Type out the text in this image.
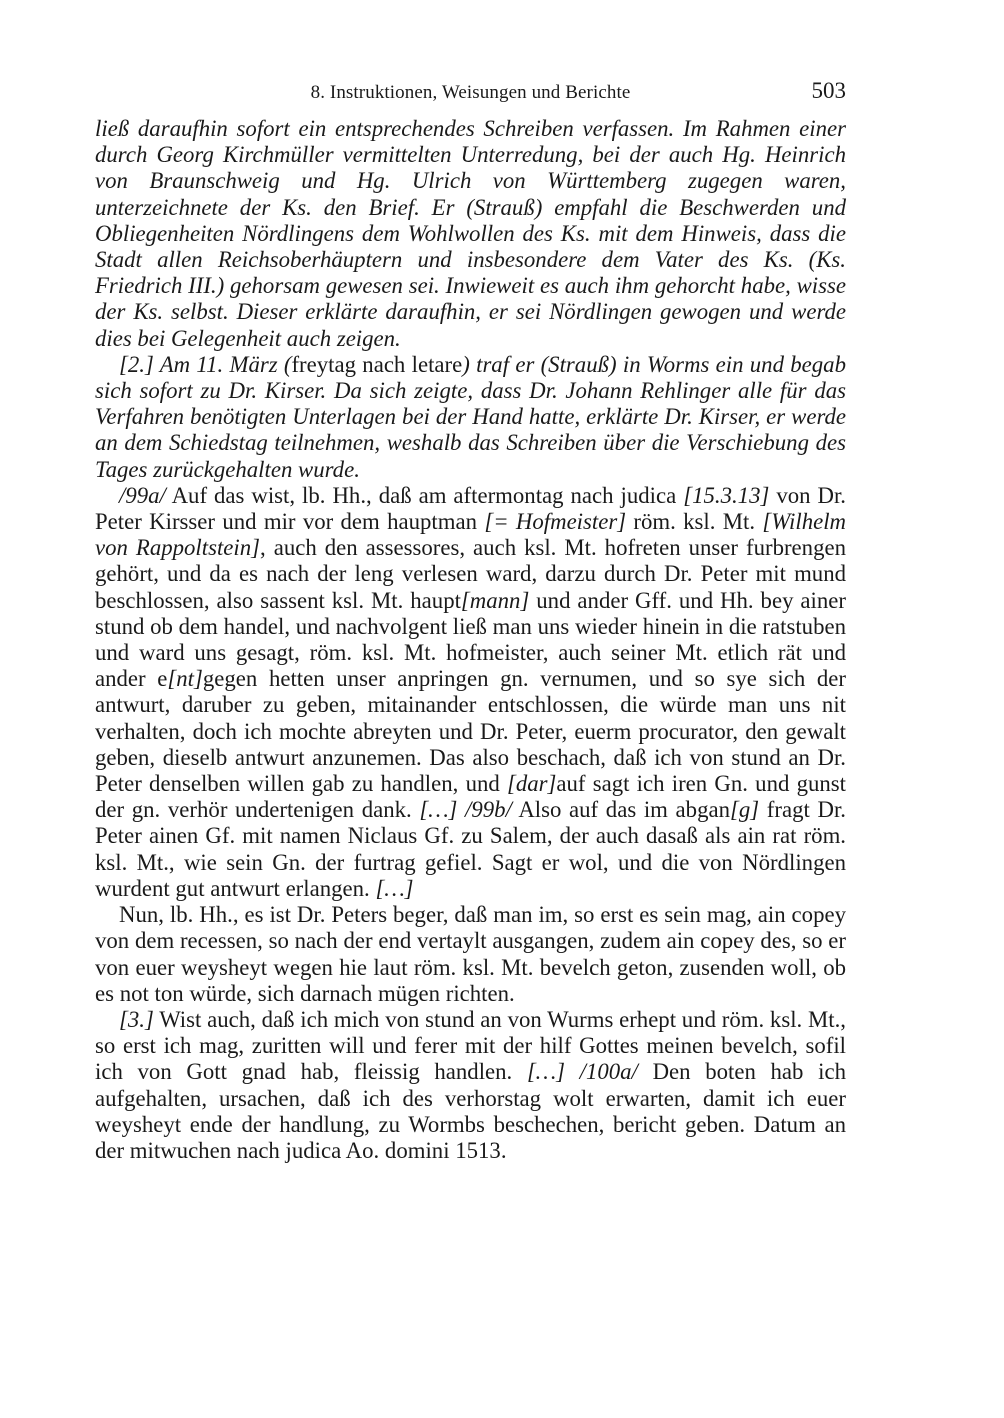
8. Instruktionen, Weisungen und Berichte	503

ließ daraufhin sofort ein entsprechendes Schreiben verfassen. Im Rahmen einer durch Georg Kirchmüller vermittelten Unterredung, bei der auch Hg. Heinrich von Braunschweig und Hg. Ulrich von Württemberg zugegen waren, unterzeichnete der Ks. den Brief. Er (Strauß) empfahl die Beschwerden und Obliegenheiten Nördlingens dem Wohlwollen des Ks. mit dem Hinweis, dass die Stadt allen Reichsoberhäuptern und insbesondere dem Vater des Ks. (Ks. Friedrich III.) gehorsam gewesen sei. Inwieweit es auch ihm gehorcht habe, wisse der Ks. selbst. Dieser erklärte daraufhin, er sei Nördlingen gewogen und werde dies bei Gelegenheit auch zeigen.

[2.] Am 11. März (freytag nach letare) traf er (Strauß) in Worms ein und begab sich sofort zu Dr. Kirser. Da sich zeigte, dass Dr. Johann Rehlinger alle für das Verfahren benötigten Unterlagen bei der Hand hatte, erklärte Dr. Kirser, er werde an dem Schiedstag teilnehmen, weshalb das Schreiben über die Verschiebung des Tages zurückgehalten wurde.

/99a/ Auf das wist, lb. Hh., daß am aftermontag nach judica [15.3.13] von Dr. Peter Kirsser und mir vor dem hauptman [= Hofmeister] röm. ksl. Mt. [Wilhelm von Rappoltstein], auch den assessores, auch ksl. Mt. hofreten unser furbrengen gehört, und da es nach der leng verlesen ward, darzu durch Dr. Peter mit mund beschlossen, also sassent ksl. Mt. haupt[mann] und ander Gff. und Hh. bey ainer stund ob dem handel, und nachvolgent ließ man uns wieder hinein in die ratstuben und ward uns gesagt, röm. ksl. Mt. hofmeister, auch seiner Mt. etlich rät und ander e[nt]gegen hetten unser anpringen gn. vernumen, und so sye sich der antwurt, daruber zu geben, mitainander entschlossen, die würde man uns nit verhalten, doch ich mochte abreyten und Dr. Peter, euerm procurator, den gewalt geben, dieselb antwurt anzunemen. Das also beschach, daß ich von stund an Dr. Peter denselben willen gab zu handlen, und [dar]auf sagt ich iren Gn. und gunst der gn. verhör undertenigen dank. […] /99b/ Also auf das im abgan[g] fragt Dr. Peter ainen Gf. mit namen Niclaus Gf. zu Salem, der auch dasaß als ain rat röm. ksl. Mt., wie sein Gn. der furtrag gefiel. Sagt er wol, und die von Nördlingen wurdent gut antwurt erlangen. […]

Nun, lb. Hh., es ist Dr. Peters beger, daß man im, so erst es sein mag, ain copey von dem recessen, so nach der end vertaylt ausgangen, zudem ain copey des, so er von euer weysheyt wegen hie laut röm. ksl. Mt. bevelch geton, zusenden woll, ob es not ton würde, sich darnach mügen richten.

[3.] Wist auch, daß ich mich von stund an von Wurms erhept und röm. ksl. Mt., so erst ich mag, zuritten will und ferer mit der hilf Gottes meinen bevelch, sofil ich von Gott gnad hab, fleissig handlen. […] /100a/ Den boten hab ich aufgehalten, ursachen, daß ich des verhorstag wolt erwarten, damit ich euer weysheyt ende der handlung, zu Wormbs beschechen, bericht geben. Datum an der mitwuchen nach judica Ao. domini 1513.
